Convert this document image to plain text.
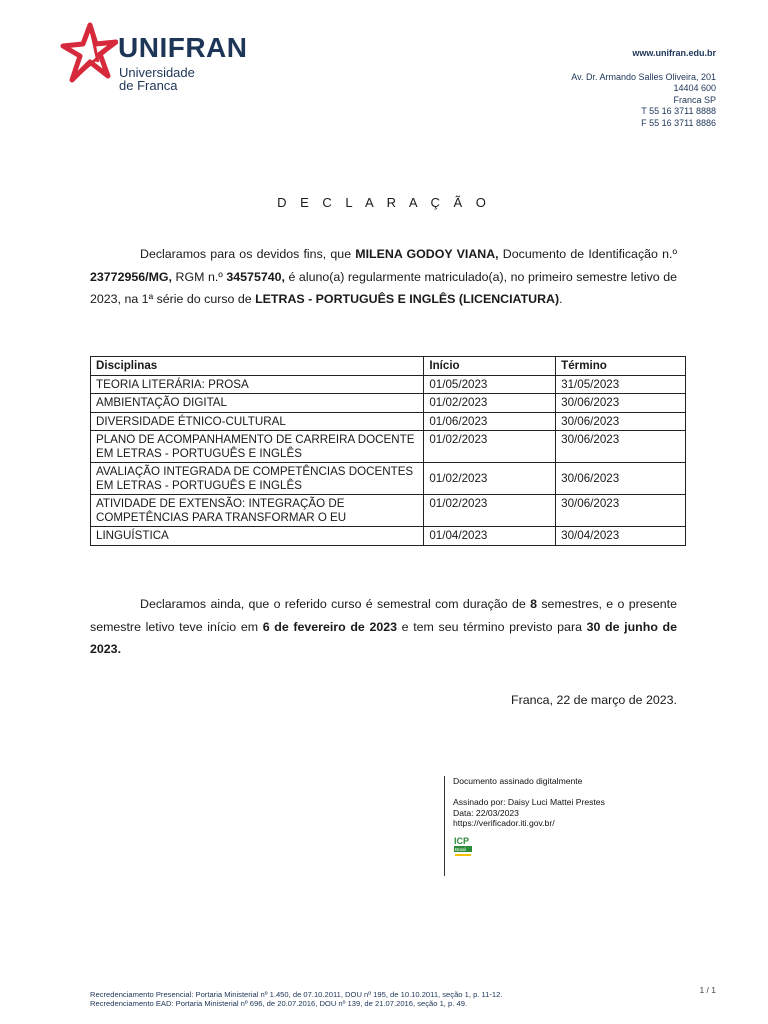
UNIFRAN
Universidade
de Franca
www.unifran.edu.br
Av. Dr. Armando Salles Oliveira, 201
14404 600
Franca SP
T 55 16 3711 8888
F 55 16 3711 8886
D E C L A R A Ç Ã O
Declaramos para os devidos fins, que MILENA GODOY VIANA, Documento de Identificação n.º 23772956/MG, RGM n.º 34575740, é aluno(a) regularmente matriculado(a), no primeiro semestre letivo de 2023, na 1ª série do curso de LETRAS - PORTUGUÊS E INGLÊS (LICENCIATURA).
Disciplinas	Início	Término
TEORIA LITERÁRIA: PROSA	01/05/2023	31/05/2023
AMBIENTAÇÃO DIGITAL	01/02/2023	30/06/2023
DIVERSIDADE ÉTNICO-CULTURAL	01/06/2023	30/06/2023
PLANO DE ACOMPANHAMENTO DE CARREIRA DOCENTE EM LETRAS - PORTUGUÊS E INGLÊS	01/02/2023	30/06/2023
AVALIAÇÃO INTEGRADA DE COMPETÊNCIAS DOCENTES EM LETRAS - PORTUGUÊS E INGLÊS	01/02/2023	30/06/2023
ATIVIDADE DE EXTENSÃO: INTEGRAÇÃO DE COMPETÊNCIAS PARA TRANSFORMAR O EU	01/02/2023	30/06/2023
LINGUÍSTICA	01/04/2023	30/04/2023
Declaramos ainda, que o referido curso é semestral com duração de 8 semestres, e o presente semestre letivo teve início em 6 de fevereiro de 2023 e tem seu término previsto para 30 de junho de 2023.
Franca, 22 de março de 2023.
Documento assinado digitalmente
Assinado por: Daisy Luci Mattei Prestes
Data: 22/03/2023
https://verificador.iti.gov.br/
ICP
Brasil
Recredenciamento Presencial: Portaria Ministerial nº 1.450, de 07.10.2011, DOU nº 195, de 10.10.2011, seção 1, p. 11-12.
Recredenciamento EAD: Portaria Ministerial nº 696, de 20.07.2016, DOU nº 139, de 21.07.2016, seção 1, p. 49.
1 / 1
